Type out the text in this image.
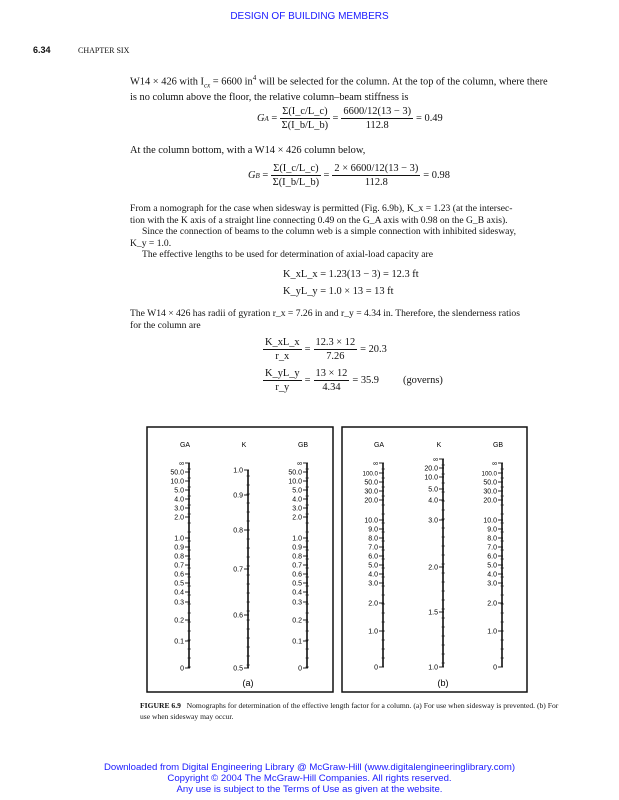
DESIGN OF BUILDING MEMBERS
6.34	CHAPTER SIX
W14 × 426 with $I_{cx} = 6600$ $in^4$ will be selected for the column. At the top of the column, where there
is no column above the floor, the relative column–beam stiffness is
G $A = \frac{\Sigma(I\_c/L\_c)}{\Sigma(I\_b/L\_b)} = \frac{6600/12(13 - 3)}{112.8} = 0.49$
At the column bottom, with a W14 × 426 column below,
G $B = \frac{\Sigma(I\_c/L\_c)}{\Sigma(I\_b/L\_b)} = \frac{2 \times 6600/12(13 - 3)}{112.8} = 0.98$
From a nomograph for the case when sidesway is permitted (Fig. 6.9b), K_x = 1.23 (at the intersec-
tion with the K axis of a straight line connecting 0.49 on the G_A axis with 0.98 on the G_B axis).
Since the connection of beams to the column web is a simple connection with inhibited sidesway,
K_y = 1.0.
The effective lengths to be used for determination of axial-load capacity are
K_xL_x = 1.23(13 − 3) = 12.3 ft
K_yL_y = 1.0 × 13 = 13 ft
The W14 × 426 has radii of gyration r_x = 7.26 in and r_y = 4.34 in. Therefore, the slenderness ratios
for the column are
$\frac{K\_xL\_x}{r\_x} = \frac{12.3 \times 12}{7.26} = 20.3$
$\frac{K\_yL\_y}{r\_y} = \frac{13 \times 12}{4.34} = 35.9$ (governs)
GA
∞
50.0
10.0
5.0
4.0
3.0
2.0
1.0
0.9
0.8
0.7
0.6
0.5
0.4
0.3
0.2
0.1
0
K
1.0
0.9
0.8
0.7
0.6
0.5
GB
∞
50.0
10.0
5.0
4.0
3.0
2.0
1.0
0.9
0.8
0.7
0.6
0.5
0.4
0.3
0.2
0.1
0
GA
∞
100.0
50.0
30.0
20.0
10.0
9.0
8.0
7.0
6.0
5.0
4.0
3.0
2.0
1.0
0
K
∞
20.0
10.0
5.0
4.0
3.0
2.0
1.5
1.0
GB
∞
100.0
50.0
30.0
20.0
10.0
9.0
8.0
7.0
6.0
5.0
4.0
3.0
2.0
1.0
0
(a)	(b)
FIGURE 6.9 Nomographs for determination of the effective length factor for a column. (a) For use when sidesway is prevented. (b) For use when sidesway may occur.
Downloaded from Digital Engineering Library @ McGraw-Hill (www.digitalengineeringlibrary.com)
Copyright © 2004 The McGraw-Hill Companies. All rights reserved.
Any use is subject to the Terms of Use as given at the website.
